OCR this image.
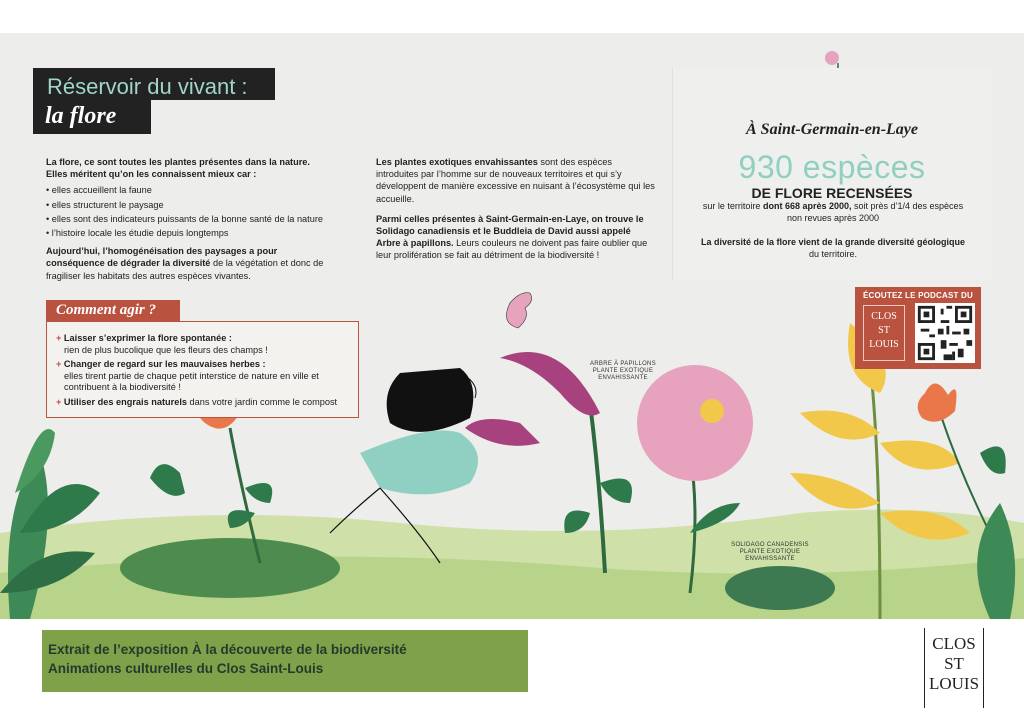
Réservoir du vivant :
la flore
La flore, ce sont toutes les plantes présentes dans la nature.
Elles méritent qu’on les connaissent mieux car :
• elles accueillent la faune
• elles structurent le paysage
• elles sont des indicateurs puissants de la bonne santé de la nature
• l’histoire locale les étudie depuis longtemps
Aujourd’hui, l’homogénéisation des paysages a pour conséquence de dégrader la diversité de la végétation et donc de fragiliser les habitats des autres espèces vivantes.
Les plantes exotiques envahissantes sont des espèces introduites par l’homme sur de nouveaux territoires et qui s’y développent de manière excessive en nuisant à l’écosystème qui les accueille.
Parmi celles présentes à Saint-Germain-en-Laye, on trouve le Solidago canadiensis et le Buddleia de David aussi appelé Arbre à papillons. Leurs couleurs ne doivent pas faire oublier que leur prolifération se fait au détriment de la biodiversité !
À Saint-Germain-en-Laye
930 espèces
DE FLORE RECENSÉES
sur le territoire dont 668 après 2000, soit près d’1/4 des espèces non revues après 2000
La diversité de la flore vient de la grande diversité géologique du territoire.
ÉCOUTEZ LE PODCAST DU
CLOS
ST
LOUIS
Comment agir ?
+ Laisser s’exprimer la flore spontanée :
rien de plus bucolique que les fleurs des champs !
+ Changer de regard sur les mauvaises herbes :

elles tirent partie de chaque petit interstice de nature en ville et contribuent à la biodiversité !
+ Utiliser des engrais naturels dans votre jardin comme le compost
ARBRE À PAPILLONS
PLANTE EXOTIQUE ENVAHISSANTE
SOLIDAGO CANADENSIS
PLANTE EXOTIQUE ENVAHISSANTE
Extrait de l’exposition À la découverte de la biodiversité
Animations culturelles du Clos Saint-Louis
CLOS
ST
LOUIS
